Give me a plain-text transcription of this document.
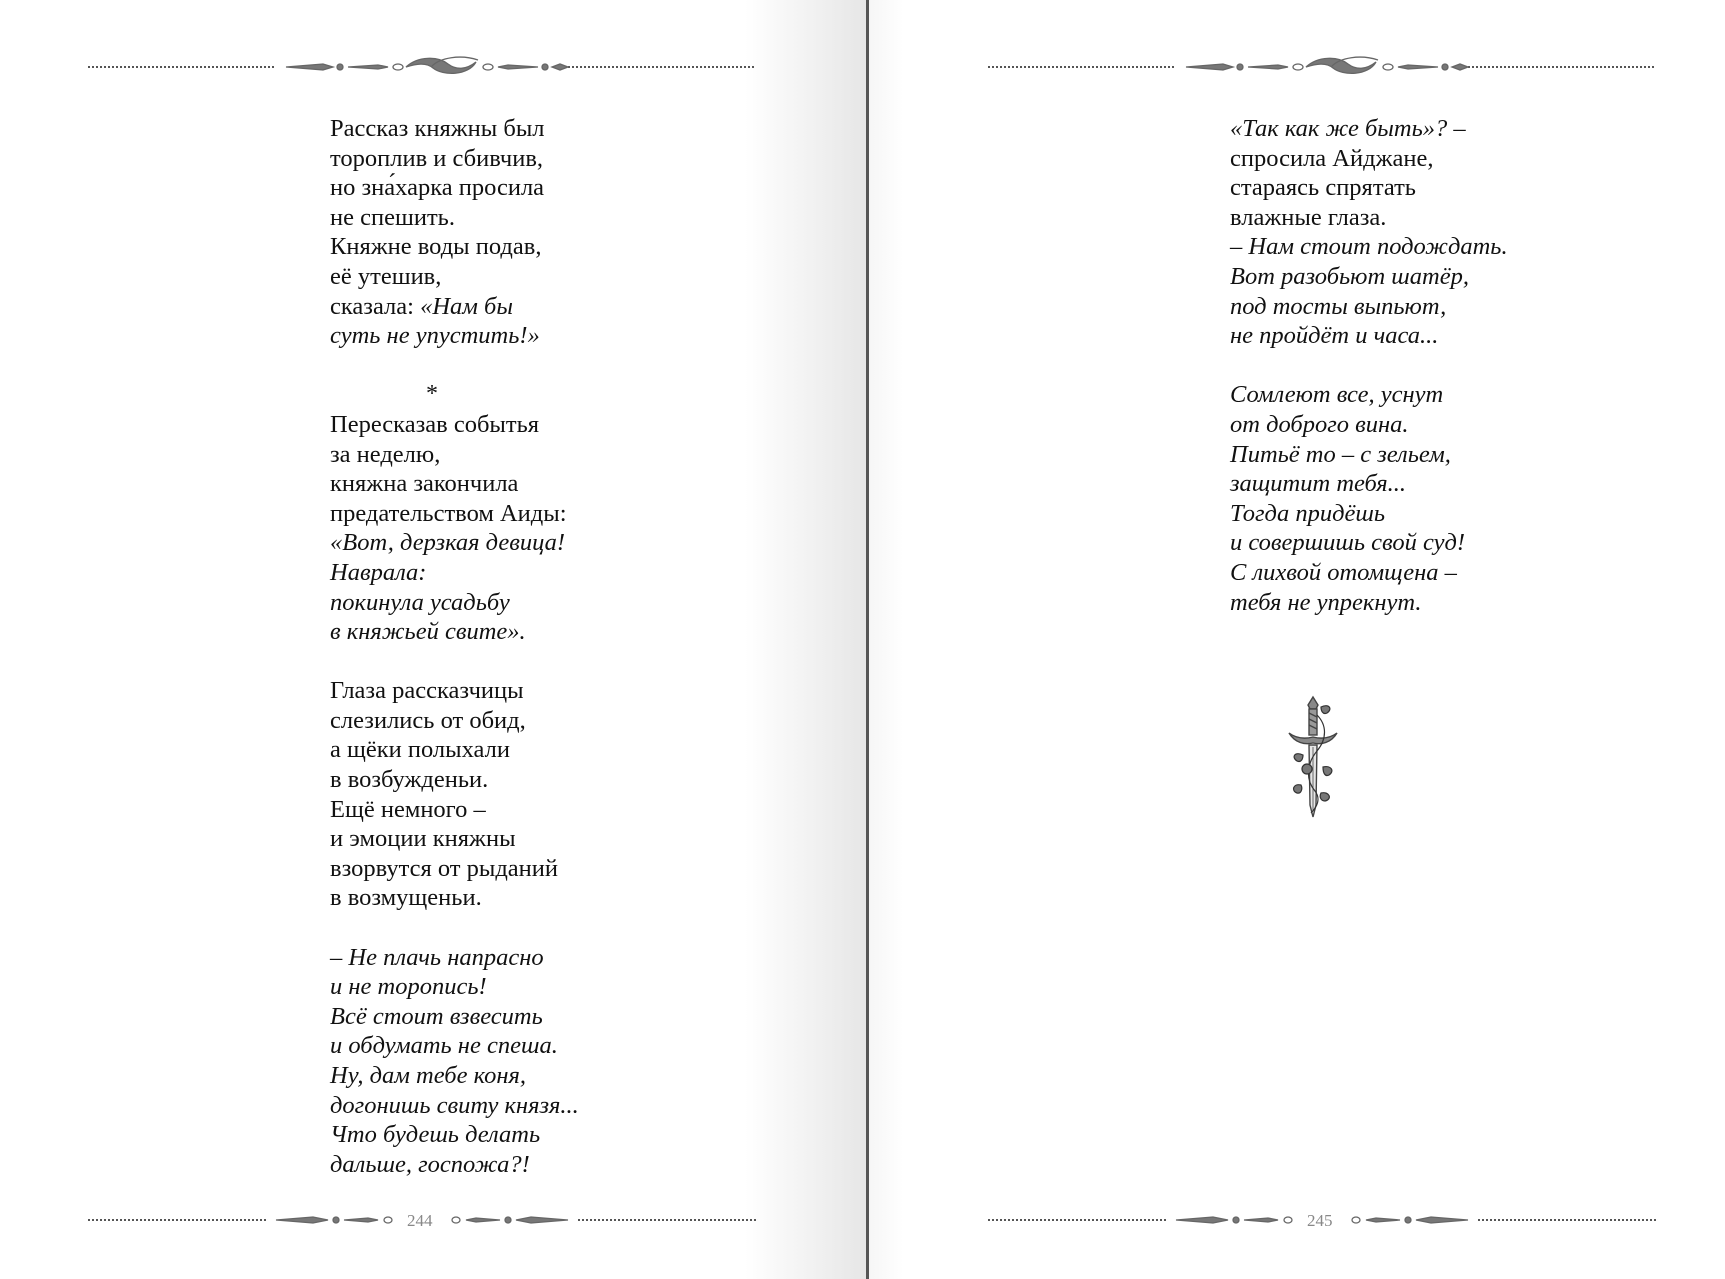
Рассказ княжны был
тороплив и сбивчив,
но зна́харка просила
не спешить.
Княжне воды подав,
её утешив,
сказала: «Нам бы
суть не упустить!»
*
Пересказав событья
за неделю,
княжна закончила
предательством Аиды:
«Вот, дерзкая девица!
Наврала:
покинула усадьбу
в княжьей свите».
Глаза рассказчицы
слезились от обид,
а щёки полыхали
в возбужденьи.
Ещё немного –
и эмоции княжны
взорвутся от рыданий
в возмущеньи.
– Не плачь напрасно
и не торопись!
Всё стоит взвесить
и обдумать не спеша.
Ну, дам тебе коня,
догонишь свиту князя...
Что будешь делать
дальше, госпожа?!
«Так как же быть»? –
спросила Айджане,
стараясь спрятать
влажные глаза.
– Нам стоит подождать.
Вот разобьют шатёр,
под тосты выпьют,
не пройдёт и часа...
Сомлеют все, уснут
от доброго вина.
Питьё то – с зельем,
защитит тебя...
Тогда придёшь
и совершишь свой суд!
С лихвой отомщена –
тебя не упрекнут.
244	245
